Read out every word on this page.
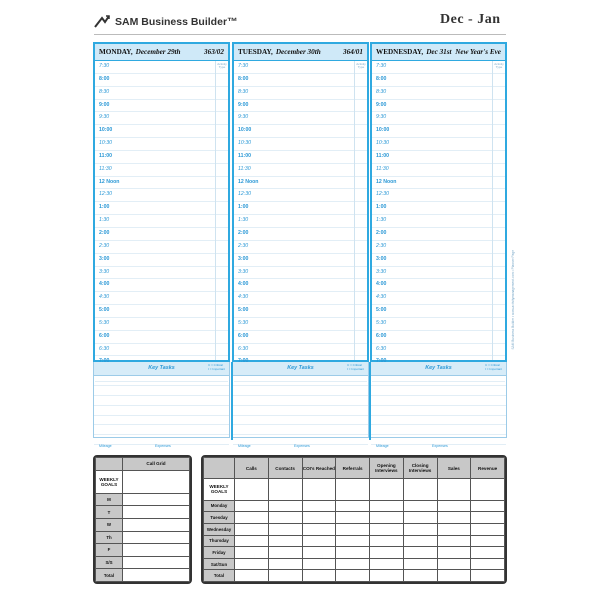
SAM Business Builder™	Dec - Jan
MONDAY, December 29th	363/02
7:30
8:00
8:30
9:00
9:30
10:00
10:30
11:00
11:30
12 Noon
12:30
1:00
1:30
2:00
2:30
3:00
3:30
4:00
4:30
5:00
5:30
6:00
6:30
Activity Type
TUESDAY, December 30th	364/01
7:30
8:00
8:30
9:00
9:30
10:00
10:30
11:00
11:30
12 Noon
12:30
1:00
1:30
2:00
2:30
3:00
3:30
4:00
4:30
5:00
5:30
6:00
6:30
Activity Type
WEDNESDAY, Dec 31st New Year's Eve
7:30
8:00
8:30
9:00
9:30
10:00
10:30
11:00
11:30
12 Noon
12:30
1:00
1:30
2:00
2:30
3:00
3:30
4:00
4:30
5:00
5:30
6:00
6:30
Activity Type
Key Tasks	C = Critical
I = Important
Mileage	Expenses
Key Tasks	C = Critical
I = Important
Mileage	Expenses
Key Tasks	C = Critical
I = Important
Mileage	Expenses
SAM Business Builder • www.activitymanagement.com • Planner Page
	Call Grid
WEEKLY GOALS	
M	
T	
W	
Th	
F	
S/S	
Total	
	Calls	Contacts	COI's Reached	Referrals	Opening Interviews	Closing Interviews	Sales	Revenue
WEEKLY GOALS								
Monday								
Tuesday								
Wednesday								
Thursday								
Friday								
Sat/Sun								
Total								
